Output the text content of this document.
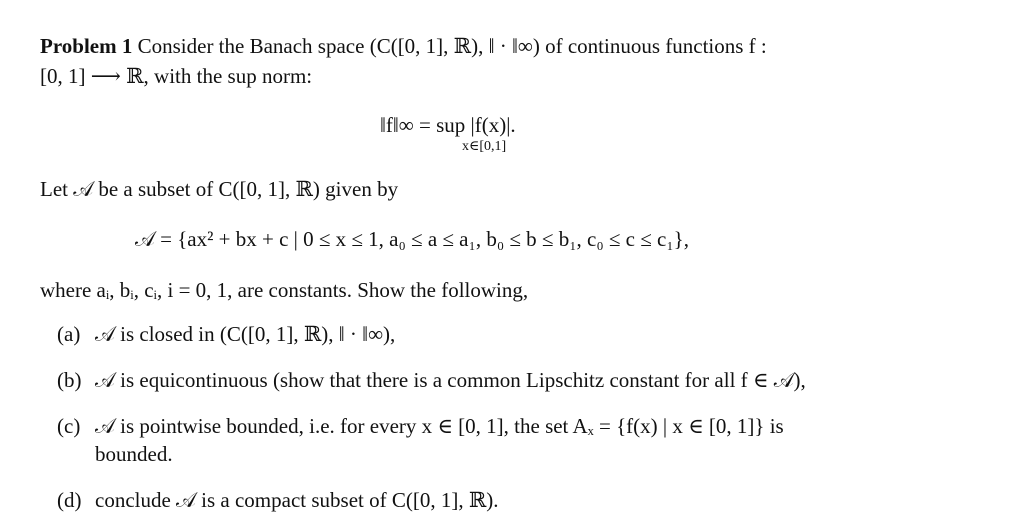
Problem 1 Consider the Banach space (C([0, 1], ℝ), ‖ · ‖∞) of continuous functions f :
[0, 1] ⟶ ℝ, with the sup norm:
‖f‖∞ = sup |f(x)|.
x∈[0,1]
Let 𝒜 be a subset of C([0, 1], ℝ) given by
𝒜 = {ax² + bx + c | 0 ≤ x ≤ 1, a₀ ≤ a ≤ a₁, b₀ ≤ b ≤ b₁, c₀ ≤ c ≤ c₁},
where aᵢ, bᵢ, cᵢ, i = 0, 1, are constants. Show the following,
(a) 𝒜 is closed in (C([0, 1], ℝ), ‖ · ‖∞),
(b) 𝒜 is equicontinuous (show that there is a common Lipschitz constant for all f ∈ 𝒜),
(c) 𝒜 is pointwise bounded, i.e. for every x ∈ [0, 1], the set Aₓ = {f(x) | x ∈ [0, 1]} is
bounded.
(d) conclude 𝒜 is a compact subset of C([0, 1], ℝ).
